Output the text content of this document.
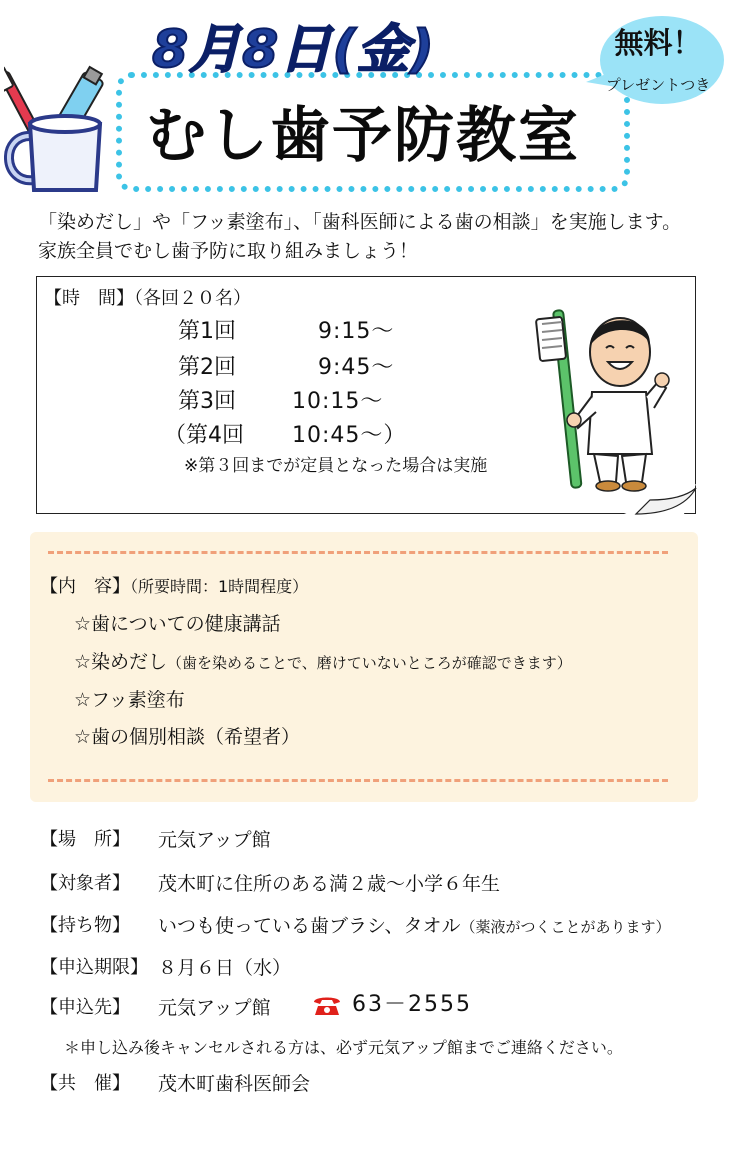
8月8日(金)
むし歯予防教室
無料！
プレゼントつき
「染めだし」や「フッ素塗布」、「歯科医師による歯の相談」を実施します。
家族全員でむし歯予防に取り組みましょう！
【時　間】（各回２０名）
第1回	9:15～
第2回	9:45～
第3回	10:15～
（第4回 10:45～）
※第３回までが定員となった場合は実施
【内　容】（所要時間：1時間程度）
☆歯についての健康講話
☆染めだし（歯を染めることで、磨けていないところが確認できます）
☆フッ素塗布
☆歯の個別相談（希望者）
【場　所】 元気アップ館
【対象者】 茂木町に住所のある満２歳～小学６年生
【持ち物】 いつも使っている歯ブラシ、タオル（薬液がつくことがあります）
【申込期限】 ８月６日（水）
【申込先】 元気アップ館	63－2555
＊申し込み後キャンセルされる方は、必ず元気アップ館までご連絡ください。
【共　催】 茂木町歯科医師会
